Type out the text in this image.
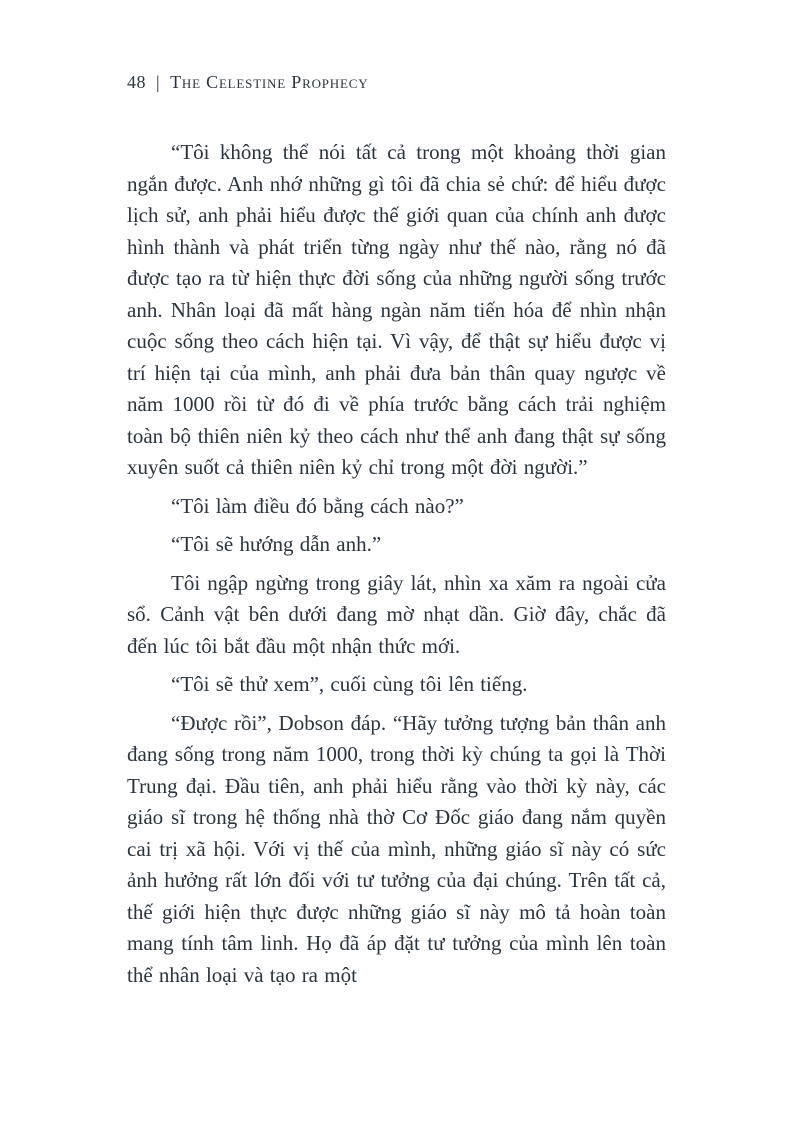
48 | The Celestine Prophecy

“Tôi không thể nói tất cả trong một khoảng thời gian ngắn được. Anh nhớ những gì tôi đã chia sẻ chứ: để hiểu được lịch sử, anh phải hiểu được thế giới quan của chính anh được hình thành và phát triển từng ngày như thế nào, rằng nó đã được tạo ra từ hiện thực đời sống của những người sống trước anh. Nhân loại đã mất hàng ngàn năm tiến hóa để nhìn nhận cuộc sống theo cách hiện tại. Vì vậy, để thật sự hiểu được vị trí hiện tại của mình, anh phải đưa bản thân quay ngược về năm 1000 rồi từ đó đi về phía trước bằng cách trải nghiệm toàn bộ thiên niên kỷ theo cách như thể anh đang thật sự sống xuyên suốt cả thiên niên kỷ chỉ trong một đời người.”

“Tôi làm điều đó bằng cách nào?”

“Tôi sẽ hướng dẫn anh.”

Tôi ngập ngừng trong giây lát, nhìn xa xăm ra ngoài cửa sổ. Cảnh vật bên dưới đang mờ nhạt dần. Giờ đây, chắc đã đến lúc tôi bắt đầu một nhận thức mới.

“Tôi sẽ thử xem”, cuối cùng tôi lên tiếng.

“Được rồi”, Dobson đáp. “Hãy tưởng tượng bản thân anh đang sống trong năm 1000, trong thời kỳ chúng ta gọi là Thời Trung đại. Đầu tiên, anh phải hiểu rằng vào thời kỳ này, các giáo sĩ trong hệ thống nhà thờ Cơ Đốc giáo đang nắm quyền cai trị xã hội. Với vị thế của mình, những giáo sĩ này có sức ảnh hưởng rất lớn đối với tư tưởng của đại chúng. Trên tất cả, thế giới hiện thực được những giáo sĩ này mô tả hoàn toàn mang tính tâm linh. Họ đã áp đặt tư tưởng của mình lên toàn thể nhân loại và tạo ra một
